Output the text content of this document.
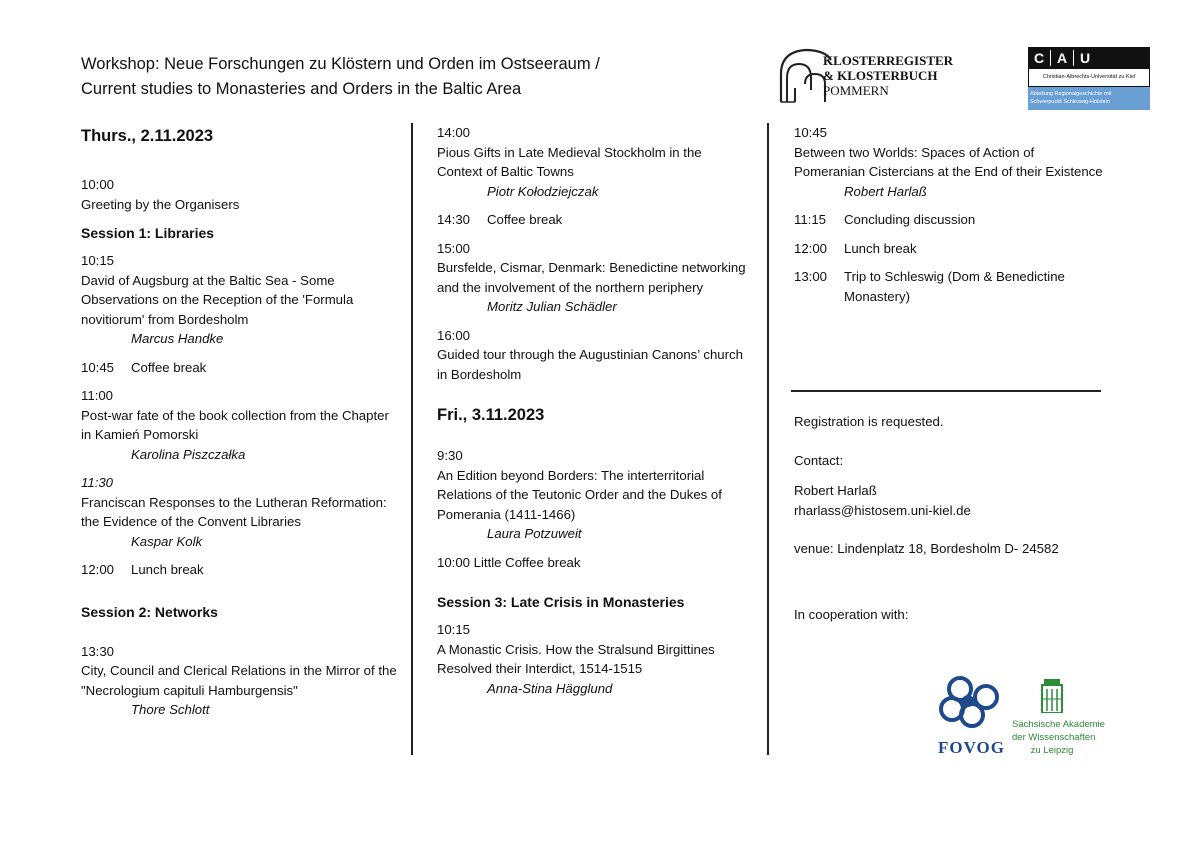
Workshop: Neue Forschungen zu Klöstern und Orden im Ostseeraum /
Current studies to Monasteries and Orders in the Baltic Area
KLOSTERREGISTER
& KLOSTERBUCH
POMMERN
C A U
Christian-Albrechts-Universität zu Kiel
Abteilung Regionalgeschichte mit
Schwerpunkt Schleswig-Holstein
Thurs., 2.11.2023
10:00
Greeting by the Organisers
Session 1: Libraries
10:15
David of Augsburg at the Baltic Sea - Some Observations on the Reception of the 'Formula novitiorum' from Bordesholm
Marcus Handke
10:45	Coffee break
11:00
Post-war fate of the book collection from the Chapter in Kamień Pomorski
Karolina Piszczałka
11:30
Franciscan Responses to the Lutheran Reformation: the Evidence of the Convent Libraries
Kaspar Kolk
12:00	Lunch break
Session 2: Networks
13:30
City, Council and Clerical Relations in the Mirror of the "Necrologium capituli Hamburgensis"
Thore Schlott
14:00
Pious Gifts in Late Medieval Stockholm in the Context of Baltic Towns
Piotr Kołodziejczak
14:30	Coffee break
15:00
Bursfelde, Cismar, Denmark: Benedictine networking and the involvement of the northern periphery
Moritz Julian Schädler
16:00
Guided tour through the Augustinian Canons’ church in Bordesholm
Fri., 3.11.2023
9:30
An Edition beyond Borders: The interterritorial Relations of the Teutonic Order and the Dukes of Pomerania (1411-1466)
Laura Potzuweit
10:00 Little Coffee break
Session 3: Late Crisis in Monasteries
10:15
A Monastic Crisis. How the Stralsund Birgittines Resolved their Interdict, 1514-1515
Anna-Stina Hägglund
10:45
Between two Worlds: Spaces of Action of Pomeranian Cistercians at the End of their Existence
Robert Harlaß
11:15	Concluding discussion
12:00	Lunch break
13:00	Trip to Schleswig (Dom & Benedictine Monastery)
Registration is requested.
Contact:
Robert Harlaß
rharlass@histosem.uni-kiel.de
venue: Lindenplatz 18, Bordesholm D- 24582
In cooperation with:
FOVOG
Sächsische Akademie
der Wissenschaften
zu Leipzig
